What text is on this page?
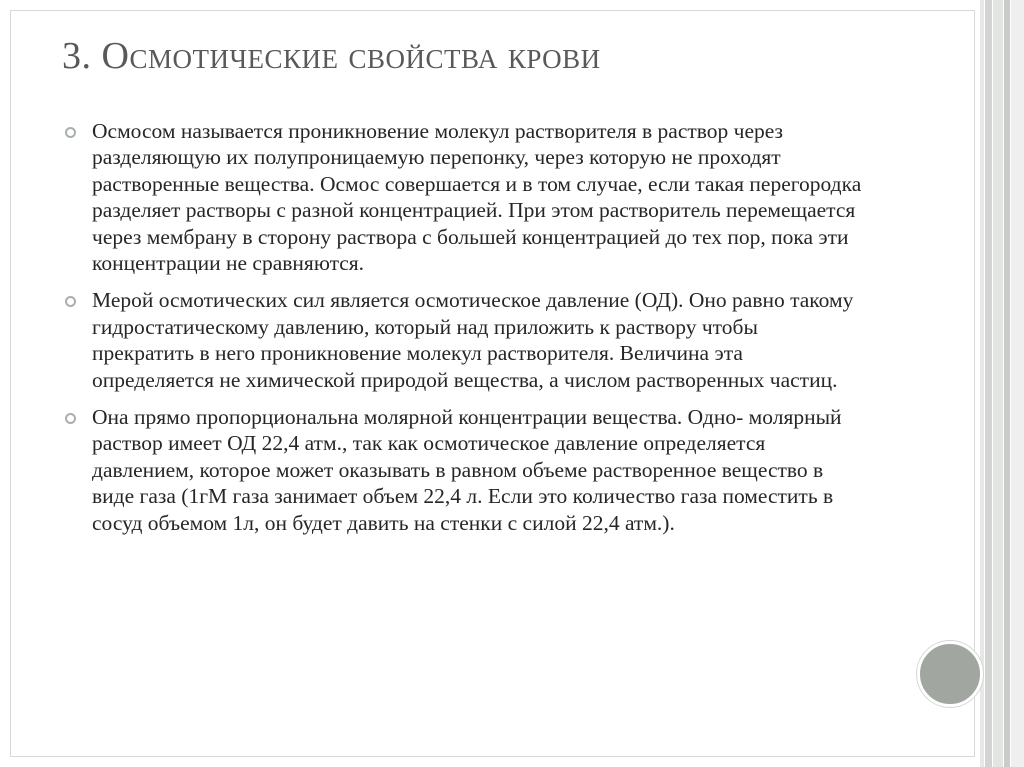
3. Осмотические свойства крови
Осмосом называется проникновение молекул растворителя в раствор через разделяющую их полупроницаемую перепонку, через которую не проходят растворенные вещества. Осмос совершается и в том случае, если такая перегородка разделяет растворы с разной концентрацией. При этом растворитель перемещается через мембрану в сторону раствора с большей концентрацией до тех пор, пока эти концентрации не сравняются.
Мерой осмотических сил является осмотическое давление (ОД). Оно равно такому гидростатическому давлению, который над приложить к раствору чтобы прекратить в него проникновение молекул растворителя. Величина эта определяется не химической природой вещества, а числом растворенных частиц.
Она прямо пропорциональна молярной концентрации вещества. Одно- молярный раствор имеет ОД 22,4 атм., так как осмотическое давление определяется давлением, которое может оказывать в равном объеме растворенное вещество в виде газа (1гМ газа занимает объем 22,4 л. Если это количество газа поместить в сосуд объемом 1л, он будет давить на стенки с силой 22,4 атм.).
